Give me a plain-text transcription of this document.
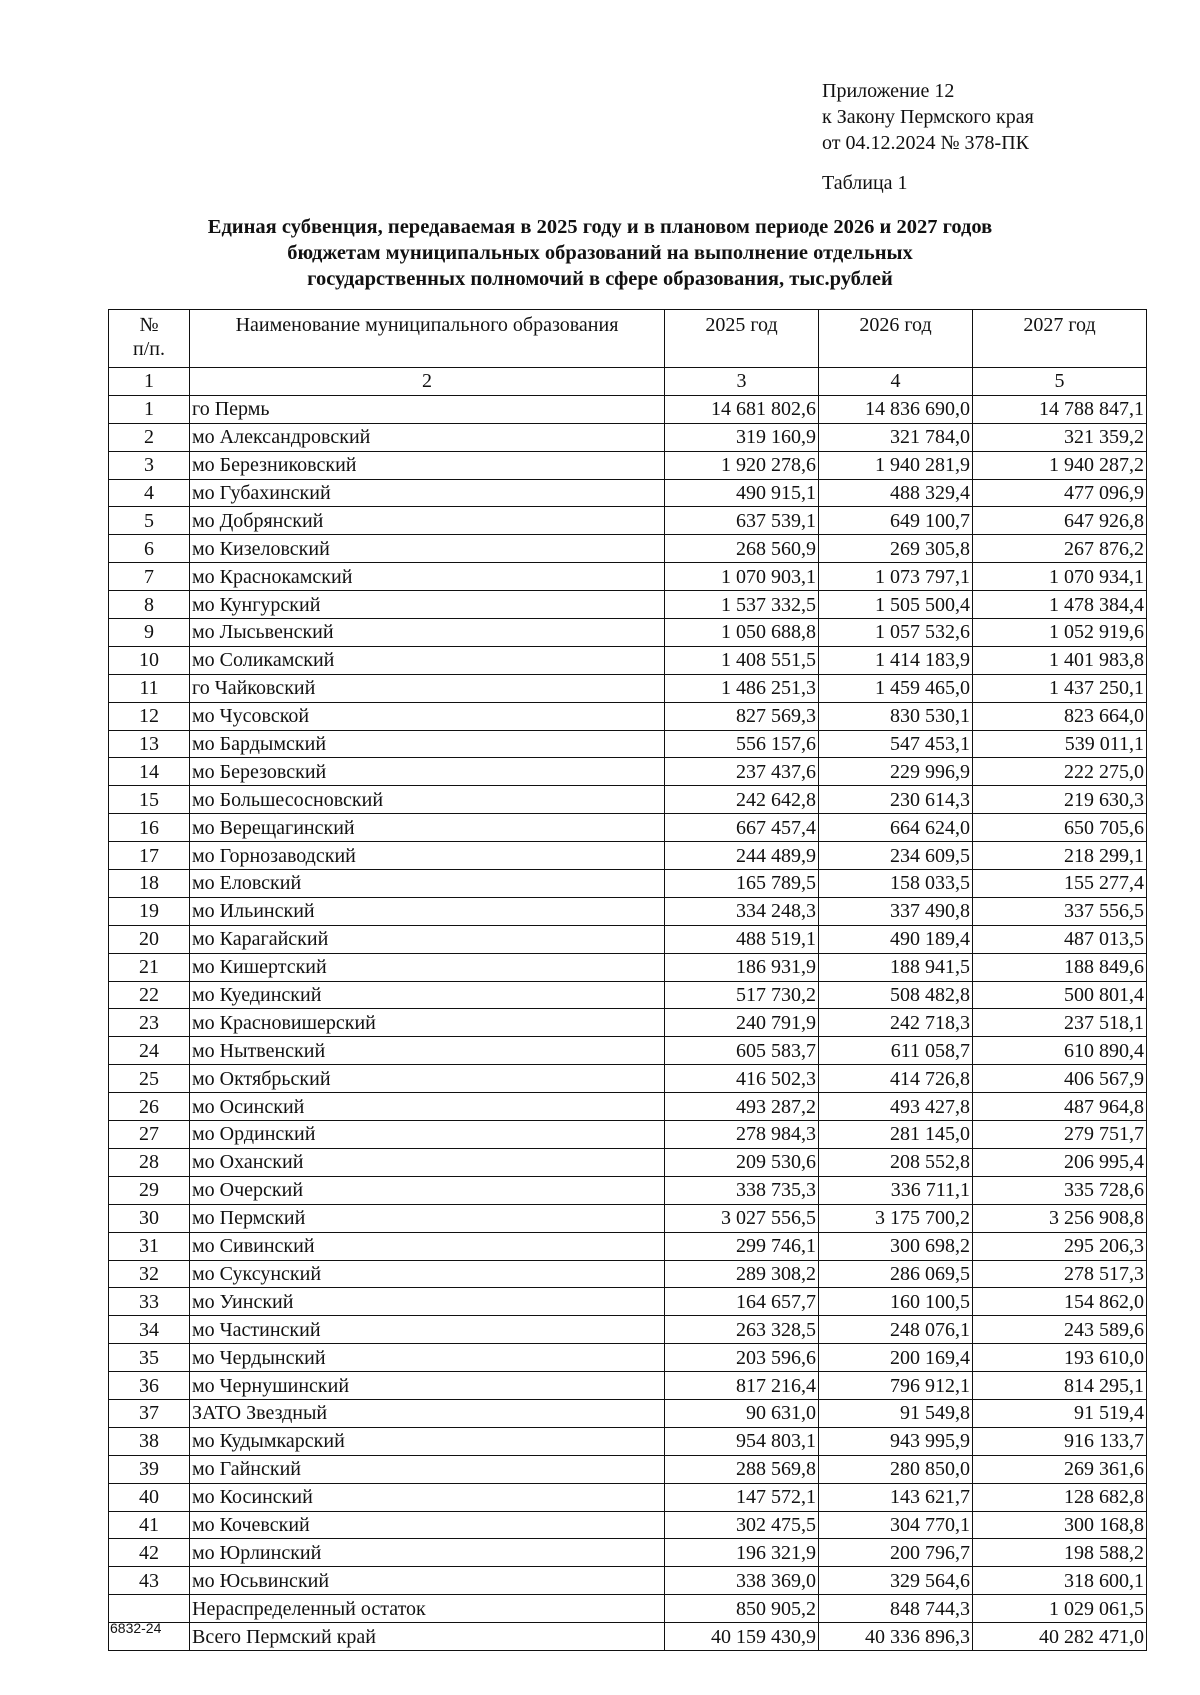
Приложение 12
к Закону Пермского края
от 04.12.2024 № 378-ПК
Таблица 1
Единая субвенция, передаваемая в 2025 году и в плановом периоде 2026 и 2027 годов
бюджетам муниципальных образований на выполнение отдельных
государственных полномочий в сфере образования, тыс.рублей
№
п/п.	Наименование муниципального образования	2025 год	2026 год	2027 год
1	2	3	4	5
1	го Пермь	14 681 802,6	14 836 690,0	14 788 847,1
2	мо Александровский	319 160,9	321 784,0	321 359,2
3	мо Березниковский	1 920 278,6	1 940 281,9	1 940 287,2
4	мо Губахинский	490 915,1	488 329,4	477 096,9
5	мо Добрянский	637 539,1	649 100,7	647 926,8
6	мо Кизеловский	268 560,9	269 305,8	267 876,2
7	мо Краснокамский	1 070 903,1	1 073 797,1	1 070 934,1
8	мо Кунгурский	1 537 332,5	1 505 500,4	1 478 384,4
9	мо Лысьвенский	1 050 688,8	1 057 532,6	1 052 919,6
10	мо Соликамский	1 408 551,5	1 414 183,9	1 401 983,8
11	го Чайковский	1 486 251,3	1 459 465,0	1 437 250,1
12	мо Чусовской	827 569,3	830 530,1	823 664,0
13	мо Бардымский	556 157,6	547 453,1	539 011,1
14	мо Березовский	237 437,6	229 996,9	222 275,0
15	мо Большесосновский	242 642,8	230 614,3	219 630,3
16	мо Верещагинский	667 457,4	664 624,0	650 705,6
17	мо Горнозаводский	244 489,9	234 609,5	218 299,1
18	мо Еловский	165 789,5	158 033,5	155 277,4
19	мо Ильинский	334 248,3	337 490,8	337 556,5
20	мо Карагайский	488 519,1	490 189,4	487 013,5
21	мо Кишертский	186 931,9	188 941,5	188 849,6
22	мо Куединский	517 730,2	508 482,8	500 801,4
23	мо Красновишерский	240 791,9	242 718,3	237 518,1
24	мо Нытвенский	605 583,7	611 058,7	610 890,4
25	мо Октябрьский	416 502,3	414 726,8	406 567,9
26	мо Осинский	493 287,2	493 427,8	487 964,8
27	мо Ординский	278 984,3	281 145,0	279 751,7
28	мо Оханский	209 530,6	208 552,8	206 995,4
29	мо Очерский	338 735,3	336 711,1	335 728,6
30	мо Пермский	3 027 556,5	3 175 700,2	3 256 908,8
31	мо Сивинский	299 746,1	300 698,2	295 206,3
32	мо Суксунский	289 308,2	286 069,5	278 517,3
33	мо Уинский	164 657,7	160 100,5	154 862,0
34	мо Частинский	263 328,5	248 076,1	243 589,6
35	мо Чердынский	203 596,6	200 169,4	193 610,0
36	мо Чернушинский	817 216,4	796 912,1	814 295,1
37	ЗАТО Звездный	90 631,0	91 549,8	91 519,4
38	мо Кудымкарский	954 803,1	943 995,9	916 133,7
39	мо Гайнский	288 569,8	280 850,0	269 361,6
40	мо Косинский	147 572,1	143 621,7	128 682,8
41	мо Кочевский	302 475,5	304 770,1	300 168,8
42	мо Юрлинский	196 321,9	200 796,7	198 588,2
43	мо Юсьвинский	338 369,0	329 564,6	318 600,1
	Нераспределенный остаток	850 905,2	848 744,3	1 029 061,5
	Всего Пермский край	40 159 430,9	40 336 896,3	40 282 471,0
6832-24
